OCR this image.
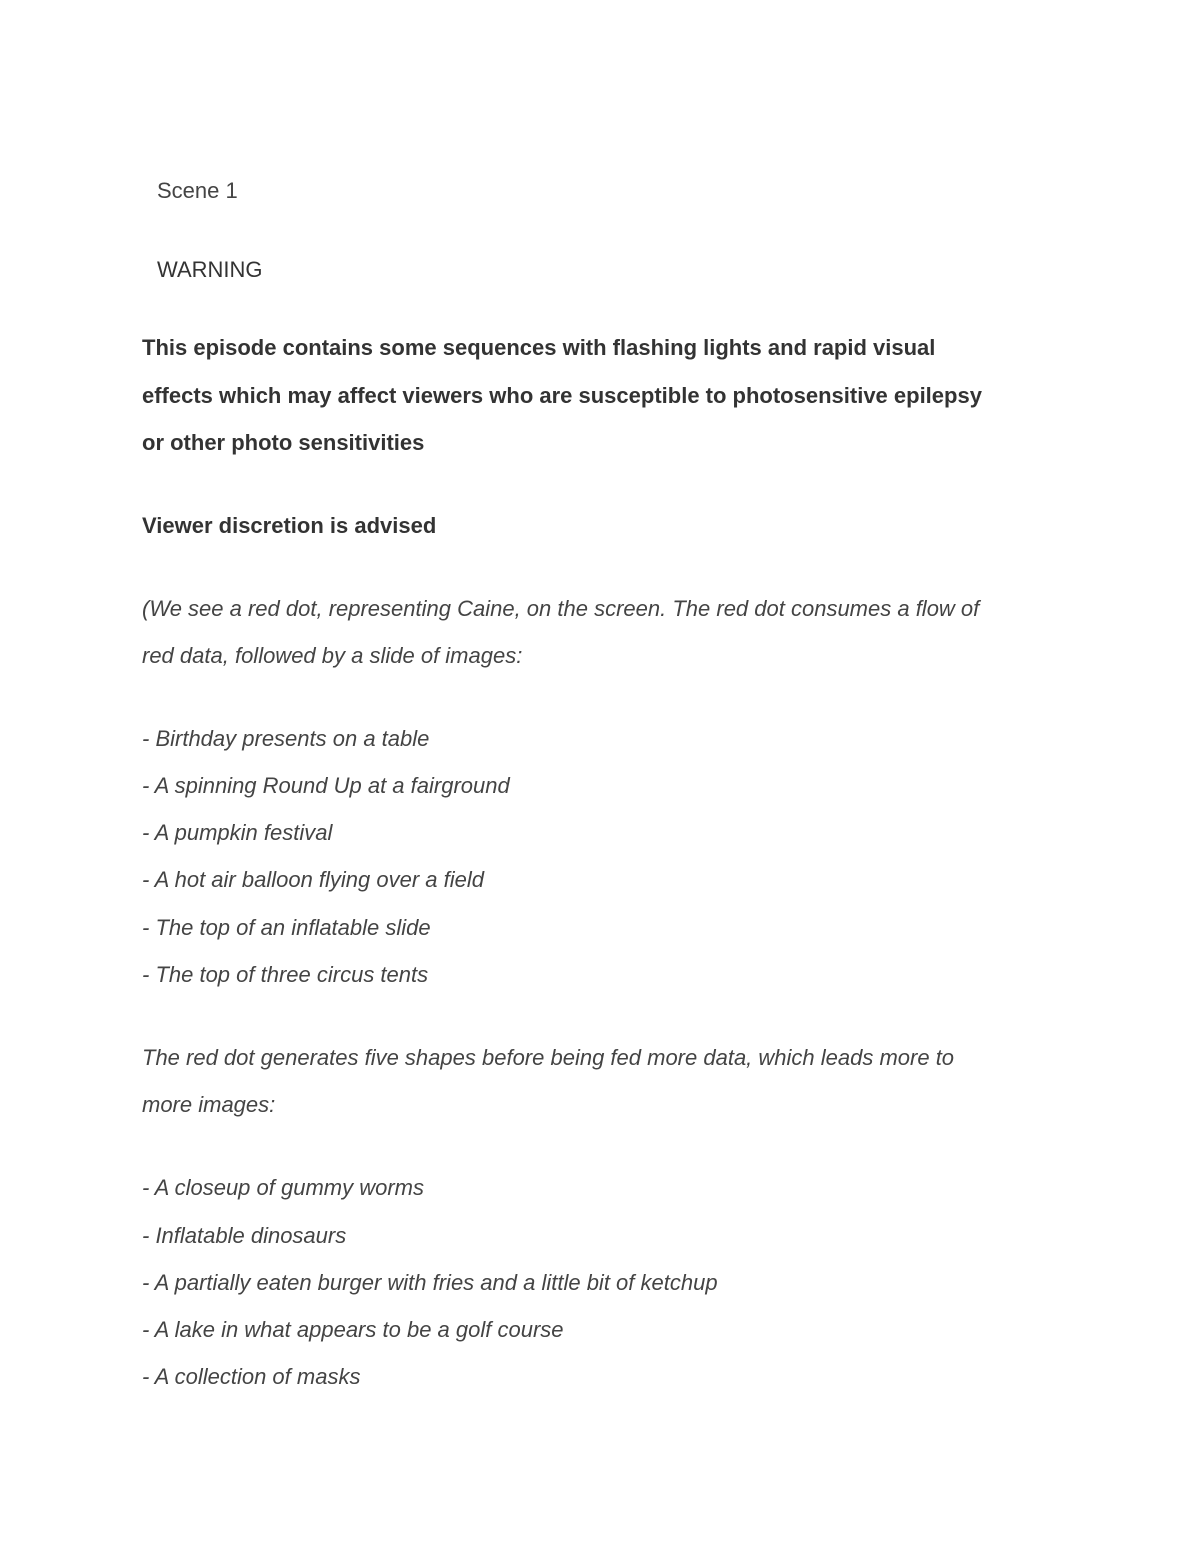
Scene 1
WARNING
This episode contains some sequences with flashing lights and rapid visual
effects which may affect viewers who are susceptible to photosensitive epilepsy
or other photo sensitivities
Viewer discretion is advised
(We see a red dot, representing Caine, on the screen. The red dot consumes a flow of
red data, followed by a slide of images:
- Birthday presents on a table
- A spinning Round Up at a fairground
- A pumpkin festival
- A hot air balloon flying over a field
- The top of an inflatable slide
- The top of three circus tents
The red dot generates five shapes before being fed more data, which leads more to
more images:
- A closeup of gummy worms
- Inflatable dinosaurs
- A partially eaten burger with fries and a little bit of ketchup
- A lake in what appears to be a golf course
- A collection of masks
